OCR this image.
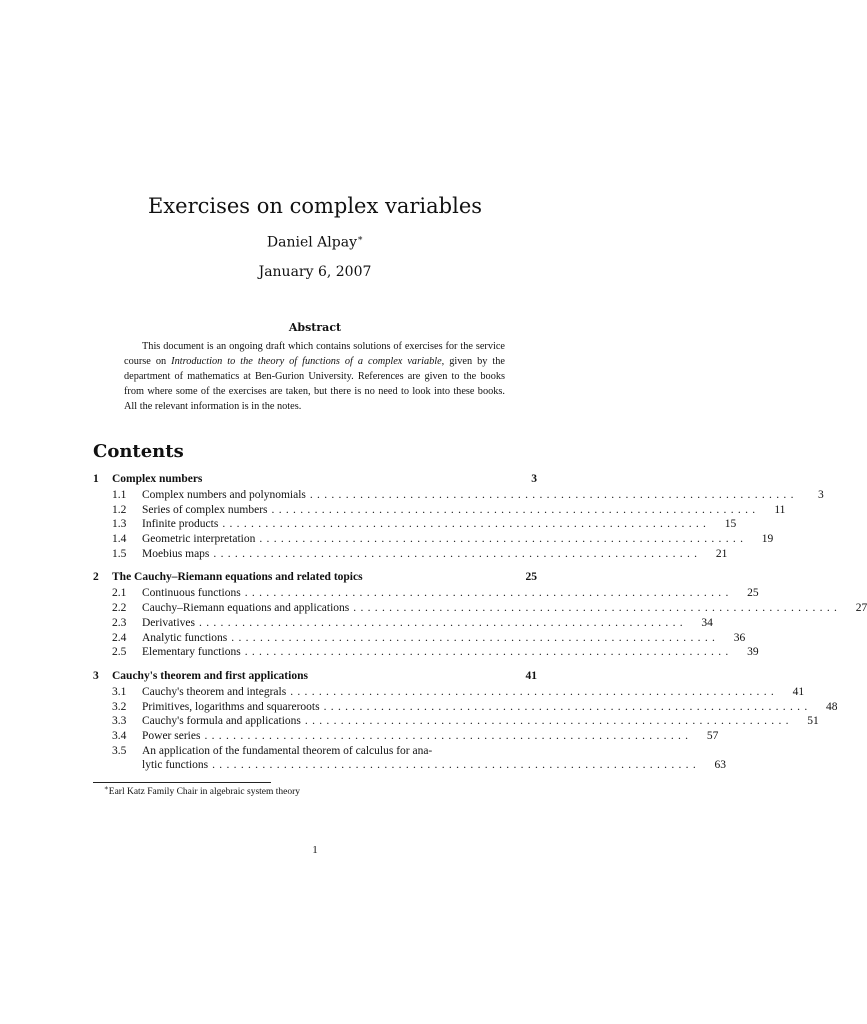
Exercises on complex variables
Daniel Alpay∗
January 6, 2007
Abstract

This document is an ongoing draft which contains solutions of exercises for the service course on Introduction to the theory of functions of a complex variable, given by the department of mathematics at Ben-Gurion University. References are given to the books from where some of the exercises are taken, but there is no need to look into these books. All the relevant information is in the notes.

Contents
1	Complex numbers	3
1.1	Complex numbers and polynomials ....................................................................	3
1.2	Series of complex numbers ....................................................................	11
1.3	Infinite products ....................................................................	15
1.4	Geometric interpretation ....................................................................	19
1.5	Moebius maps ....................................................................	21
2	The Cauchy–Riemann equations and related topics	25
2.1	Continuous functions ....................................................................	25
2.2	Cauchy–Riemann equations and applications ....................................................................	27
2.3	Derivatives ....................................................................	34
2.4	Analytic functions ....................................................................	36
2.5	Elementary functions ....................................................................	39
3	Cauchy's theorem and first applications	41
3.1	Cauchy's theorem and integrals ....................................................................	41
3.2	Primitives, logarithms and squareroots ....................................................................	48
3.3	Cauchy's formula and applications ....................................................................	51
3.4	Power series ....................................................................	57
3.5	An application of the fundamental theorem of calculus for ana-
lytic functions ....................................................................	63
∗Earl Katz Family Chair in algebraic system theory
1
